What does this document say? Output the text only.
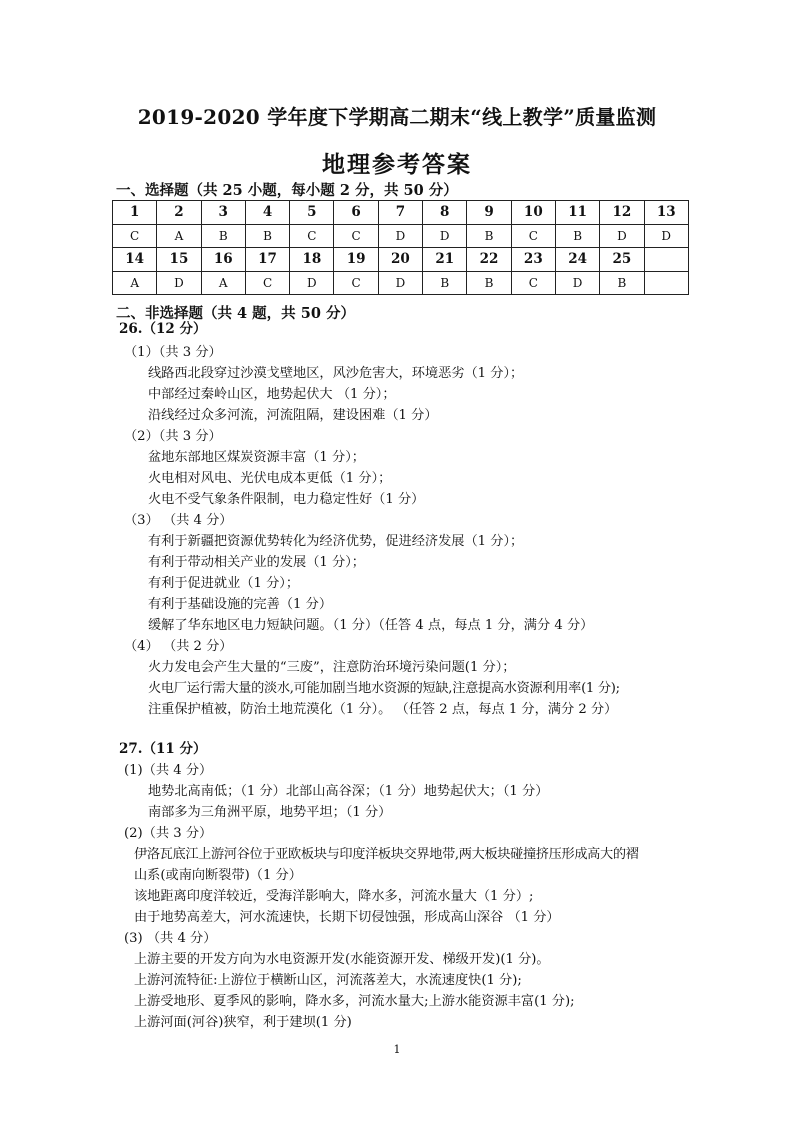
2019-2020 学年度下学期高二期末“线上教学”质量监测
地理参考答案
一、选择题（共 25 小题，每小题 2 分，共 50 分）
1	2	3	4	5	6	7	8	9	10	11	12	13
C	A	B	B	C	C	D	D	B	C	B	D	D
14	15	16	17	18	19	20	21	22	23	24	25	
A	D	A	C	D	C	D	B	B	C	D	B	
二、非选择题（共 4 题，共 50 分）
26.（12 分）
（1）（共 3 分）
线路西北段穿过沙漠戈壁地区，风沙危害大，环境恶劣（1 分）；
中部经过秦岭山区，地势起伏大 （1 分）；
沿线经过众多河流，河流阻隔，建设困难（1 分）
（2）（共 3 分）
盆地东部地区煤炭资源丰富（1 分）；
火电相对风电、光伏电成本更低（1 分）；
火电不受气象条件限制，电力稳定性好（1 分）
（3） （共 4 分）
有利于新疆把资源优势转化为经济优势，促进经济发展（1 分）；
有利于带动相关产业的发展（1 分）；
有利于促进就业（1 分）；
有利于基础设施的完善（1 分）
缓解了华东地区电力短缺问题。（1 分）（任答 4 点，每点 1 分，满分 4 分）
（4） （共 2 分）
火力发电会产生大量的“三废”，注意防治环境污染问题(1 分）；
火电厂运行需大量的淡水,可能加剧当地水资源的短缺,注意提高水资源利用率(1 分);
注重保护植被，防治土地荒漠化（1 分）。 （任答 2 点，每点 1 分，满分 2 分）
27.（11 分）
(1)（共 4 分）
地势北高南低；（1 分）北部山高谷深；（1 分）地势起伏大；（1 分）
南部多为三角洲平原，地势平坦；（1 分）
(2)（共 3 分）
伊洛瓦底江上游河谷位于亚欧板块与印度洋板块交界地带,两大板块碰撞挤压形成高大的褶
山系(或南向断裂带)（1 分）
该地距离印度洋较近，受海洋影响大，降水多，河流水量大（1 分）;
由于地势高差大，河水流速快，长期下切侵蚀强，形成高山深谷 （1 分）
(3) （共 4 分）
上游主要的开发方向为水电资源开发(水能资源开发、梯级开发)(1 分)。
上游河流特征:上游位于横断山区，河流落差大，水流速度快(1 分);
上游受地形、夏季风的影响，降水多，河流水量大;上游水能资源丰富(1 分);
上游河面(河谷)狭窄，利于建坝(1 分)
1
